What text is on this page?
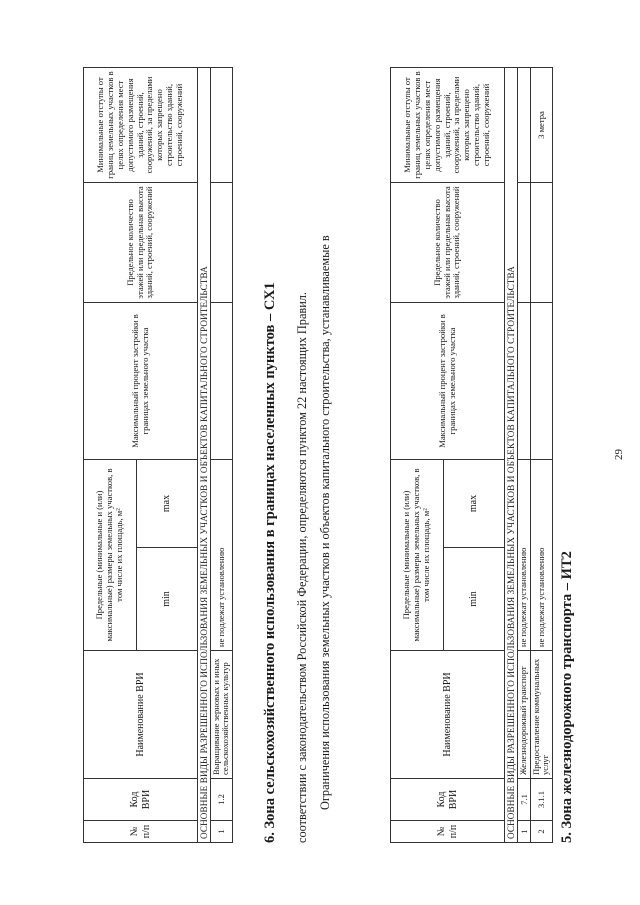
29
5. Зона железнодорожного транспорта – ИТ2
№ п/п	Код ВРИ	Наименование ВРИ	Предельные (минимальные и (или) максимальные) размеры земельных участков, в том числе их площадь, м²		Максимальный процент застройки в границах земельного участка	Предельное количество этажей или предельная высота зданий, строений, сооружений	Минимальные отступы от границ земельных участков в целях определения мест допустимого размещения зданий, строений, сооружений, за пределами которых запрещено строительство зданий, строений, сооружений
			min	max			
ОСНОВНЫЕ ВИДЫ РАЗРЕШЕННОГО ИСПОЛЬЗОВАНИЯ ЗЕМЕЛЬНЫХ УЧАСТКОВ И ОБЪЕКТОВ КАПИТАЛЬНОГО СТРОИТЕЛЬСТВА							
1	7.1	Железнодорожный транспорт	не подлежат установлению				
2	3.1.1	Предоставление коммунальных услуг	не подлежат установлению				3 метра
Ограничения использования земельных участков и объектов капитального строительства, устанавливаемые в
соответствии с законодательством Российской Федерации, определяются пунктом 22 настоящих Правил.
6. Зона сельскохозяйственного использования в границах населенных пунктов – СХ1
№ п/п	Код ВРИ	Наименование ВРИ	Предельные (минимальные и (или) максимальные) размеры земельных участков, в том числе их площадь, м²		Максимальный процент застройки в границах земельного участка	Предельное количество этажей или предельная высота зданий, строений, сооружений	Минимальные отступы от границ земельных участков в целях определения мест допустимого размещения зданий, строений, сооружений, за пределами которых запрещено строительство зданий, строений, сооружений
			min	max			
ОСНОВНЫЕ ВИДЫ РАЗРЕШЕННОГО ИСПОЛЬЗОВАНИЯ ЗЕМЕЛЬНЫХ УЧАСТКОВ И ОБЪЕКТОВ КАПИТАЛЬНОГО СТРОИТЕЛЬСТВА							
1	1.2	Выращивание зерновых и иных сельскохозяйственных культур	не подлежат установлению				
